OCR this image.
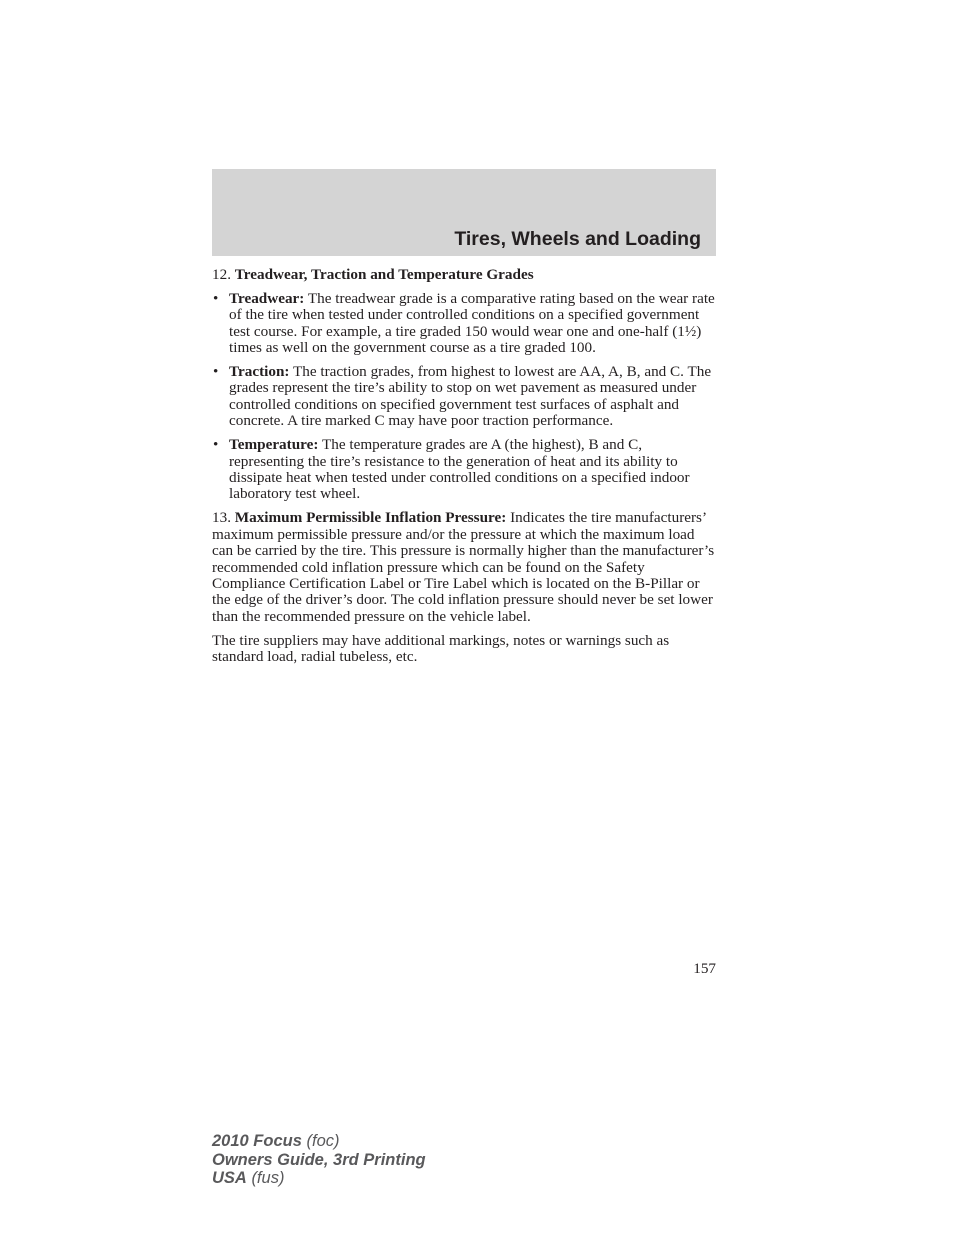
Tires, Wheels and Loading

12. Treadwear, Traction and Temperature Grades

• Treadwear: The treadwear grade is a comparative rating based on the wear rate of the tire when tested under controlled conditions on a specified government test course. For example, a tire graded 150 would wear one and one-half (1½) times as well on the government course as a tire graded 100.
• Traction: The traction grades, from highest to lowest are AA, A, B, and C. The grades represent the tire’s ability to stop on wet pavement as measured under controlled conditions on specified government test surfaces of asphalt and concrete. A tire marked C may have poor traction performance.
• Temperature: The temperature grades are A (the highest), B and C, representing the tire’s resistance to the generation of heat and its ability to dissipate heat when tested under controlled conditions on a specified indoor laboratory test wheel.

13. Maximum Permissible Inflation Pressure: Indicates the tire manufacturers’ maximum permissible pressure and/or the pressure at which the maximum load can be carried by the tire. This pressure is normally higher than the manufacturer’s recommended cold inflation pressure which can be found on the Safety Compliance Certification Label or Tire Label which is located on the B-Pillar or the edge of the driver’s door. The cold inflation pressure should never be set lower than the recommended pressure on the vehicle label.

The tire suppliers may have additional markings, notes or warnings such as standard load, radial tubeless, etc.

157
2010 Focus (foc)
Owners Guide, 3rd Printing
USA (fus)
